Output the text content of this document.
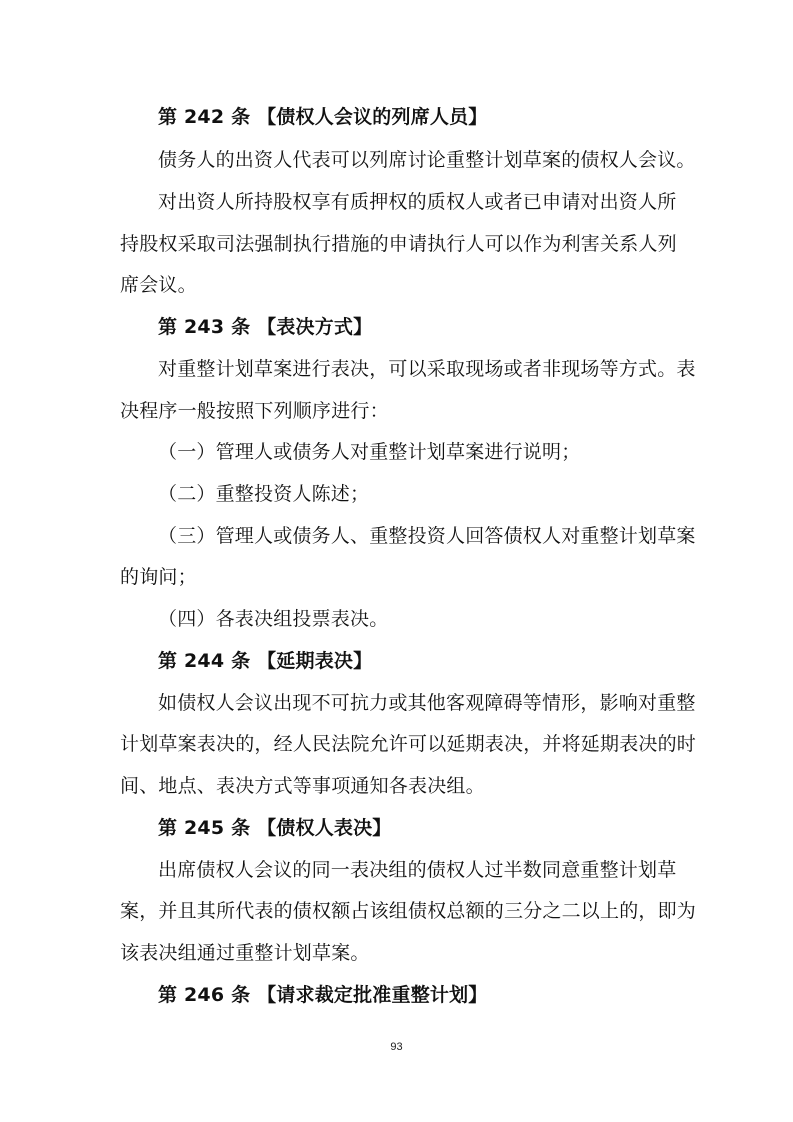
第 242 条 【债权人会议的列席人员】
债务人的出资人代表可以列席讨论重整计划草案的债权人会议。
对出资人所持股权享有质押权的质权人或者已申请对出资人所
持股权采取司法强制执行措施的申请执行人可以作为利害关系人列
席会议。
第 243 条 【表决方式】
对重整计划草案进行表决，可以采取现场或者非现场等方式。表
决程序一般按照下列顺序进行：
（一）管理人或债务人对重整计划草案进行说明；
（二）重整投资人陈述；
（三）管理人或债务人、重整投资人回答债权人对重整计划草案
的询问；
（四）各表决组投票表决。
第 244 条 【延期表决】
如债权人会议出现不可抗力或其他客观障碍等情形，影响对重整
计划草案表决的，经人民法院允许可以延期表决，并将延期表决的时
间、地点、表决方式等事项通知各表决组。
第 245 条 【债权人表决】
出席债权人会议的同一表决组的债权人过半数同意重整计划草
案，并且其所代表的债权额占该组债权总额的三分之二以上的，即为
该表决组通过重整计划草案。
第 246 条 【请求裁定批准重整计划】
93
